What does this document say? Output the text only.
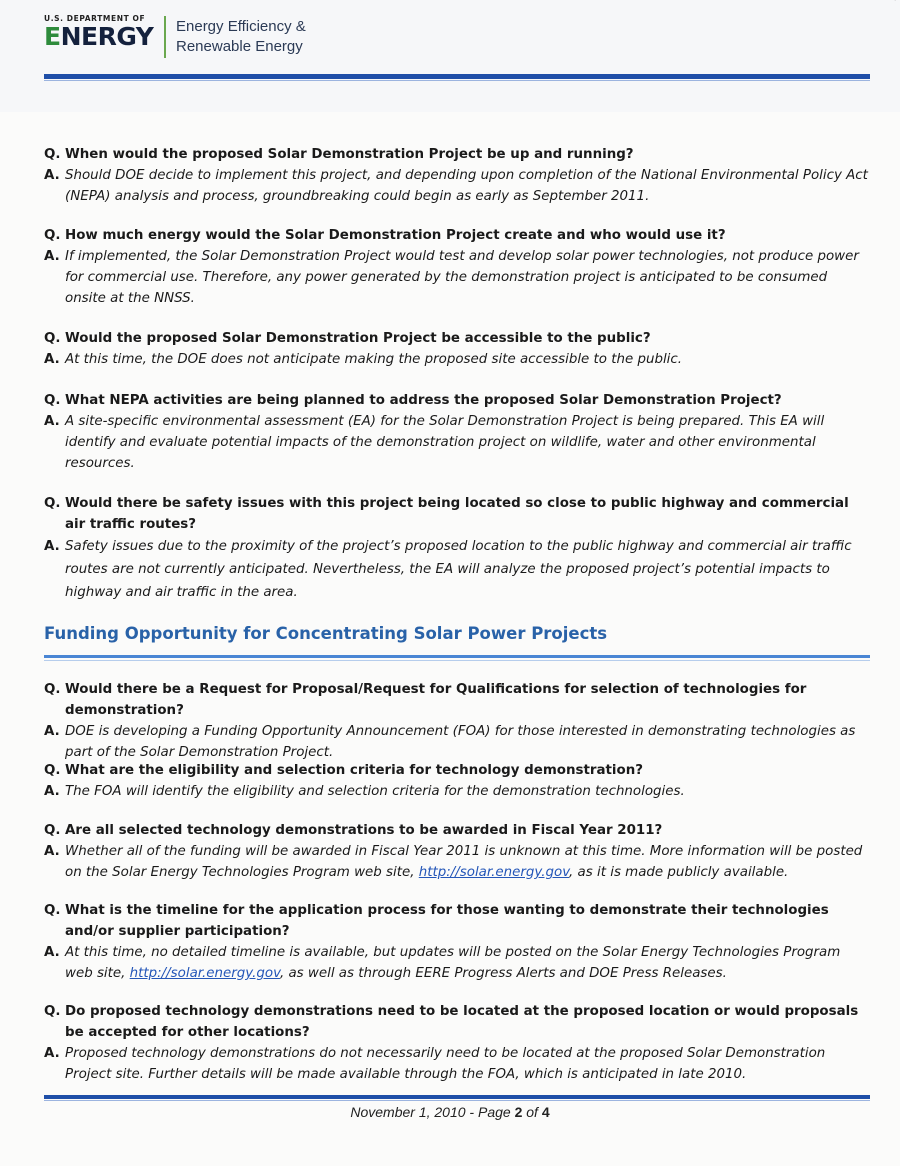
U.S. DEPARTMENT OF
ENERGY Energy Efficiency &
Renewable Energy
Q. When would the proposed Solar Demonstration Project be up and running?
A. Should DOE decide to implement this project, and depending upon completion of the National Environmental Policy Act (NEPA) analysis and process, groundbreaking could begin as early as September 2011.
Q. How much energy would the Solar Demonstration Project create and who would use it?
A. If implemented, the Solar Demonstration Project would test and develop solar power technologies, not produce power for commercial use. Therefore, any power generated by the demonstration project is anticipated to be consumed onsite at the NNSS.
Q. Would the proposed Solar Demonstration Project be accessible to the public?
A. At this time, the DOE does not anticipate making the proposed site accessible to the public.
Q. What NEPA activities are being planned to address the proposed Solar Demonstration Project?
A. A site-specific environmental assessment (EA) for the Solar Demonstration Project is being prepared. This EA will identify and evaluate potential impacts of the demonstration project on wildlife, water and other environmental resources.
Q. Would there be safety issues with this project being located so close to public highway and commercial air traffic routes?
A. Safety issues due to the proximity of the project’s proposed location to the public highway and commercial air traffic routes are not currently anticipated. Nevertheless, the EA will analyze the proposed project’s potential impacts to highway and air traffic in the area.
Funding Opportunity for Concentrating Solar Power Projects
Q. Would there be a Request for Proposal/Request for Qualifications for selection of technologies for demonstration?
A. DOE is developing a Funding Opportunity Announcement (FOA) for those interested in demonstrating technologies as part of the Solar Demonstration Project.
Q. What are the eligibility and selection criteria for technology demonstration?
A. The FOA will identify the eligibility and selection criteria for the demonstration technologies.
Q. Are all selected technology demonstrations to be awarded in Fiscal Year 2011?
A. Whether all of the funding will be awarded in Fiscal Year 2011 is unknown at this time. More information will be posted on the Solar Energy Technologies Program web site, http://solar.energy.gov, as it is made publicly available.
Q. What is the timeline for the application process for those wanting to demonstrate their technologies and/or supplier participation?
A. At this time, no detailed timeline is available, but updates will be posted on the Solar Energy Technologies Program web site, http://solar.energy.gov, as well as through EERE Progress Alerts and DOE Press Releases.
Q. Do proposed technology demonstrations need to be located at the proposed location or would proposals be accepted for other locations?
A. Proposed technology demonstrations do not necessarily need to be located at the proposed Solar Demonstration Project site. Further details will be made available through the FOA, which is anticipated in late 2010.
November 1, 2010 - Page 2 of 4
